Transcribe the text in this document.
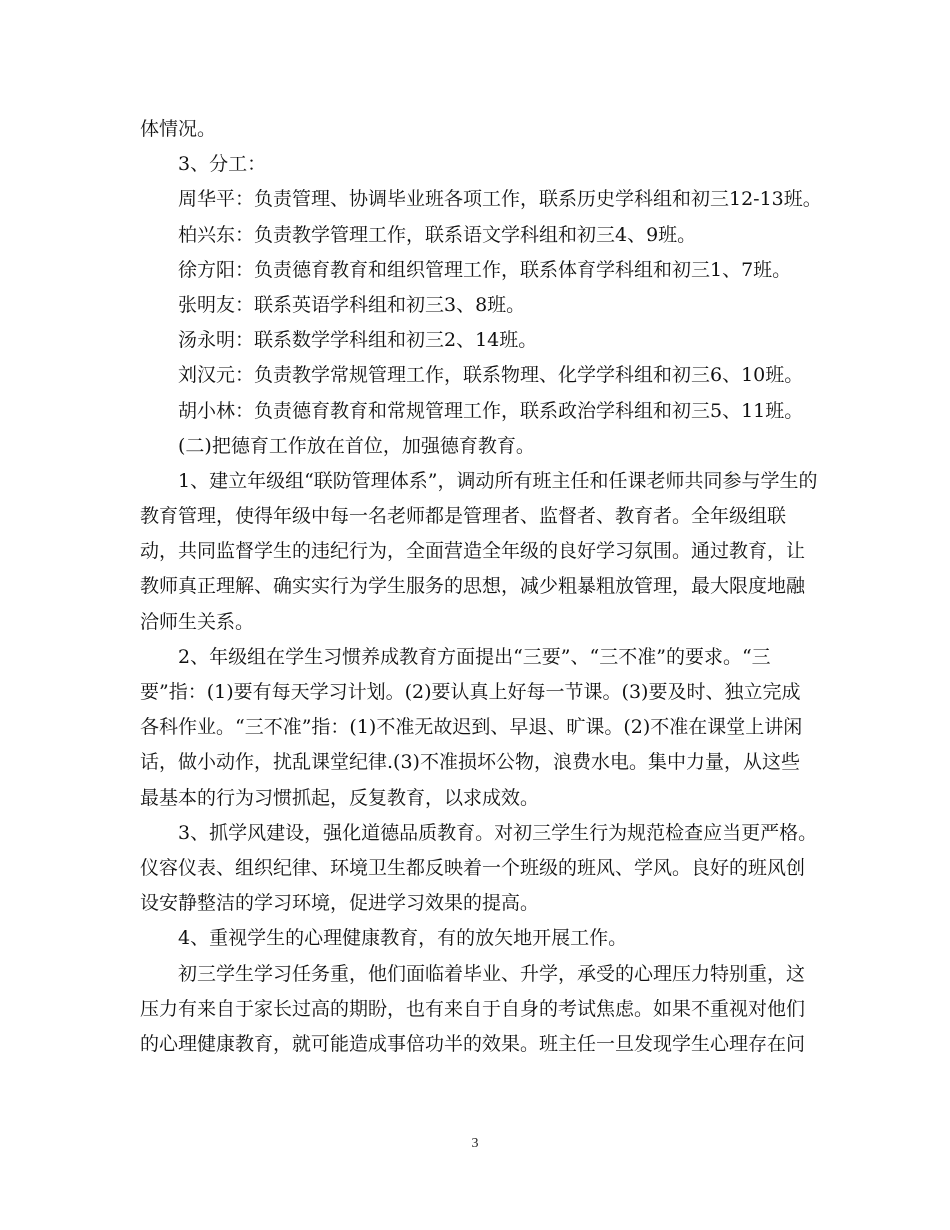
体情况。

3、分工：

周华平：负责管理、协调毕业班各项工作，联系历史学科组和初三12-13班。

柏兴东：负责教学管理工作，联系语文学科组和初三4、9班。

徐方阳：负责德育教育和组织管理工作，联系体育学科组和初三1、7班。

张明友：联系英语学科组和初三3、8班。

汤永明：联系数学学科组和初三2、14班。

刘汉元：负责教学常规管理工作，联系物理、化学学科组和初三6、10班。

胡小林：负责德育教育和常规管理工作，联系政治学科组和初三5、11班。

(二)把德育工作放在首位，加强德育教育。

1、建立年级组“联防管理体系”，调动所有班主任和任课老师共同参与学生的

教育管理，使得年级中每一名老师都是管理者、监督者、教育者。全年级组联

动，共同监督学生的违纪行为，全面营造全年级的良好学习氛围。通过教育，让

教师真正理解、确实实行为学生服务的思想，减少粗暴粗放管理，最大限度地融

洽师生关系。

2、年级组在学生习惯养成教育方面提出“三要”、“三不准”的要求。“三

要”指：(1)要有每天学习计划。(2)要认真上好每一节课。(3)要及时、独立完成

各科作业。“三不准”指：(1)不准无故迟到、早退、旷课。(2)不准在课堂上讲闲

话，做小动作，扰乱课堂纪律.(3)不准损坏公物，浪费水电。集中力量，从这些

最基本的行为习惯抓起，反复教育，以求成效。

3、抓学风建设，强化道德品质教育。对初三学生行为规范检查应当更严格。

仪容仪表、组织纪律、环境卫生都反映着一个班级的班风、学风。良好的班风创

设安静整洁的学习环境，促进学习效果的提高。

4、重视学生的心理健康教育，有的放矢地开展工作。

初三学生学习任务重，他们面临着毕业、升学，承受的心理压力特别重，这

压力有来自于家长过高的期盼，也有来自于自身的考试焦虑。如果不重视对他们

的心理健康教育，就可能造成事倍功半的效果。班主任一旦发现学生心理存在问

3
